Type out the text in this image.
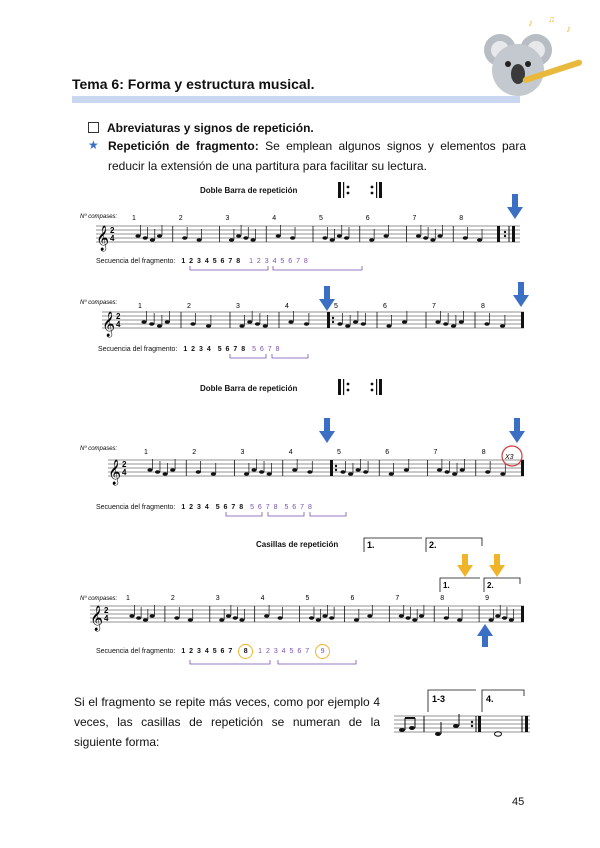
♪ ♫
♪
Tema 6: Forma y estructura musical.
Abreviaturas y signos de repetición.
★ Repetición de fragmento: Se emplean algunos signos y elementos para reducir la extensión de una partitura para facilitar su lectura.
Doble Barra de repetición
Nº compases:
𝄞 2
4
1	2	3	4	5	6	7	8
Secuencia del fragmento: 1 2 3 4 5 6 7 8 1 2 3 4 5 6 7 8
Nº compases:
𝄞 2
4
1	2	3	4	5	6	7	8
Secuencia del fragmento: 1 2 3 4 5 6 7 8 5 6 7 8
Doble Barra de repetición
Nº compases:
𝄞 2
4
1	2	3	4	5	6	7	8
X3
Secuencia del fragmento: 1 2 3 4 5 6 7 8 5 6 7 8 5 6 7 8
Casillas de repetición	1.	2.
1.	2.
Nº compases:
𝄞 2
4
1	2	3	4	5	6	7	8	9
Secuencia del fragmento: 1 2 3 4 5 6 7 8 1 2 3 4 5 6 7 9
Si el fragmento se repite más veces, como por ejemplo 4 veces, las casillas de repetición se numeran de la siguiente forma:
1-3	4.
45
